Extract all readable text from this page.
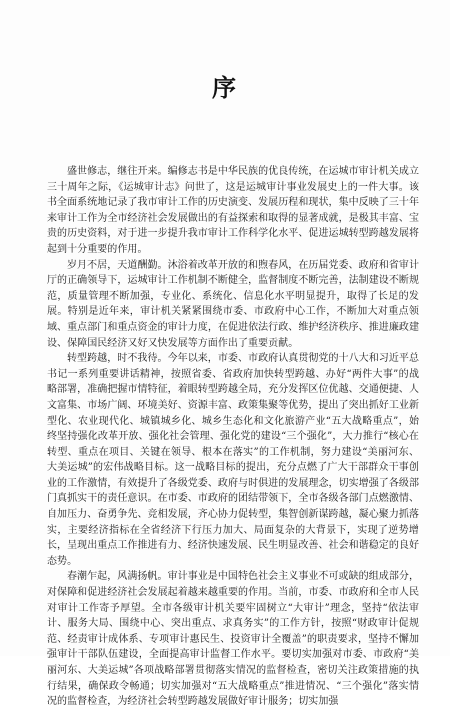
序

盛世修志，继往开来。编修志书是中华民族的优良传统，在运城市审计机关成立三十周年之际，《运城审计志》问世了，这是运城审计事业发展史上的一件大事。该书全面系统地记录了我市审计工作的历史演变、发展历程和现状，集中反映了三十年来审计工作为全市经济社会发展做出的有益探索和取得的显著成就，是极其丰富、宝贵的历史资料，对于进一步提升我市审计工作科学化水平、促进运城转型跨越发展将起到十分重要的作用。

岁月不居，天道酬勤。沐浴着改革开放的和煦春风，在历届党委、政府和省审计厅的正确领导下，运城审计工作机制不断健全，监督制度不断完善，法制建设不断规范，质量管理不断加强，专业化、系统化、信息化水平明显提升，取得了长足的发展。特别是近年来，审计机关紧紧围绕市委、市政府中心工作，不断加大对重点领域、重点部门和重点资金的审计力度，在促进依法行政、维护经济秩序、推进廉政建设、保障国民经济又好又快发展等方面作出了重要贡献。

转型跨越，时不我待。今年以来，市委、市政府认真贯彻党的十八大和习近平总书记一系列重要讲话精神，按照省委、省政府加快转型跨越、办好“两件大事”的战略部署，准确把握市情特征，着眼转型跨越全局，充分发挥区位优越、交通便捷、人文富集、市场广阔、环境美好、资源丰富、政策集聚等优势，提出了突出抓好工业新型化、农业现代化、城镇城乡化、城乡生态化和文化旅游产业“五大战略重点”，始终坚持强化改革开放、强化社会管理、强化党的建设“三个强化”，大力推行“核心在转型、重点在项目、关键在领导、根本在落实”的工作机制，努力建设“美丽河东、大美运城”的宏伟战略目标。这一战略目标的提出，充分点燃了广大干部群众干事创业的工作激情，有效提升了各级党委、政府与时俱进的发展理念，切实增强了各级部门真抓实干的责任意识。在市委、市政府的团结带领下，全市各级各部门点燃激情、自加压力、奋勇争先、竞相发展，齐心协力促转型，集智创新谋跨越，凝心聚力抓落实，主要经济指标在全省经济下行压力加大、局面复杂的大背景下，实现了逆势增长，呈现出重点工作推进有力、经济快速发展、民生明显改善、社会和谐稳定的良好态势。

春潮乍起，风满扬帆。审计事业是中国特色社会主义事业不可或缺的组成部分，对保障和促进经济社会发展起着越来越重要的作用。当前，市委、市政府和全市人民对审计工作寄予厚望。全市各级审计机关要牢固树立“大审计”理念，坚持“依法审计、服务大局、围绕中心、突出重点、求真务实”的工作方针，按照“财政审计促规范、经责审计成体系、专项审计惠民生、投资审计全覆盖”的职责要求，坚持不懈加强审计干部队伍建设，全面提高审计监督工作水平。要切实加强对市委、市政府“美丽河东、大美运城”各项战略部署贯彻落实情况的监督检查，密切关注政策措施的执行结果，确保政令畅通；切实加强对“五大战略重点”推进情况、“三个强化”落实情况的监督检查，为经济社会转型跨越发展做好审计服务；切实加强
